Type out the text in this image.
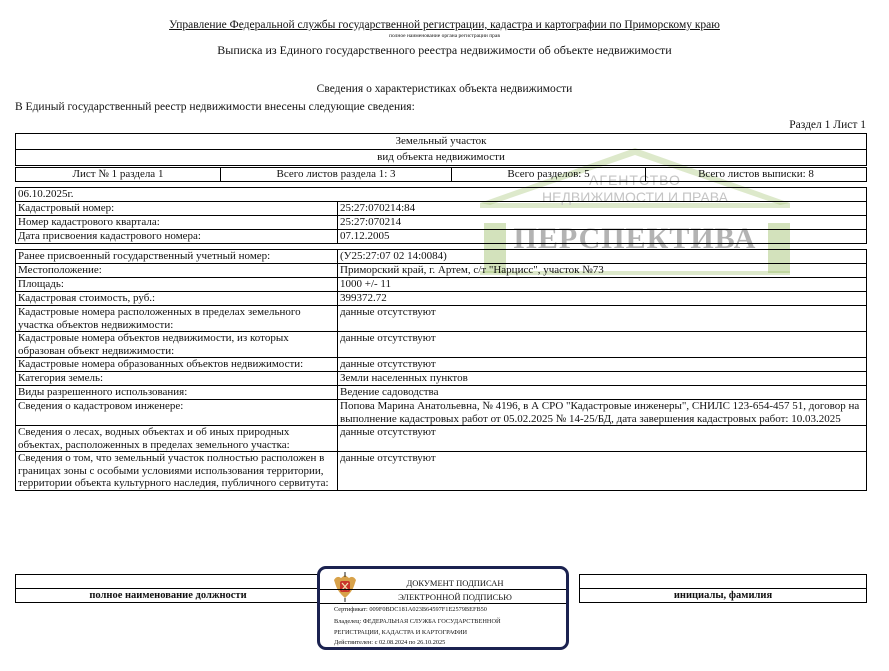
Управление Федеральной службы государственной регистрации, кадастра и картографии по Приморскому краю
полное наименование органа регистрации прав
Выписка из Единого государственного реестра недвижимости об объекте недвижимости
Сведения о характеристиках объекта недвижимости
В Единый государственный реестр недвижимости внесены следующие сведения:
Раздел 1 Лист 1
АГЕНТСТВО
НЕДВИЖИМОСТИ И ПРАВА
ПЕРСПЕКТИВА
Земельный участок
вид объекта недвижимости
Лист № 1 раздела 1	Всего листов раздела 1: 3	Всего разделов: 5	Всего листов выписки: 8
06.10.2025г.	
Кадастровый номер:	25:27:070214:84
Номер кадастрового квартала:	25:27:070214
Дата присвоения кадастрового номера:	07.12.2005
Ранее присвоенный государственный учетный номер:	(У25:27:07 02 14:0084)
Местоположение:	Приморский край, г. Артем, с/т "Нарцисс", участок №73
Площадь:	1000 +/- 11
Кадастровая стоимость, руб.:	399372.72
Кадастровые номера расположенных в пределах земельного участка объектов недвижимости:	данные отсутствуют
Кадастровые номера объектов недвижимости, из которых образован объект недвижимости:	данные отсутствуют
Кадастровые номера образованных объектов недвижимости:	данные отсутствуют
Категория земель:	Земли населенных пунктов
Виды разрешенного использования:	Ведение садоводства
Сведения о кадастровом инженере:	Попова Марина Анатольевна, № 4196, в А СРО "Кадастровые инженеры", СНИЛС 123-654-457 51, договор на выполнение кадастровых работ от 05.02.2025 № 14-25/БД, дата завершения кадастровых работ: 10.03.2025
Сведения о лесах, водных объектах и об иных природных объектах, расположенных в пределах земельного участка:	данные отсутствуют
Сведения о том, что земельный участок полностью расположен в границах зоны с особыми условиями использования территории, территории объекта культурного наследия, публичного сервитута:	данные отсутствуют

полное наименование должности		инициалы, фамилия
ДОКУМЕНТ ПОДПИСАН
ЭЛЕКТРОННОЙ ПОДПИСЬЮ
Сертификат: 009F0BDC181A023B64597F1E2579BEFB50
Владелец: ФЕДЕРАЛЬНАЯ СЛУЖБА ГОСУДАРСТВЕННОЙ
РЕГИСТРАЦИИ, КАДАСТРА И КАРТОГРАФИИ
Действителен: с 02.08.2024 по 26.10.2025
